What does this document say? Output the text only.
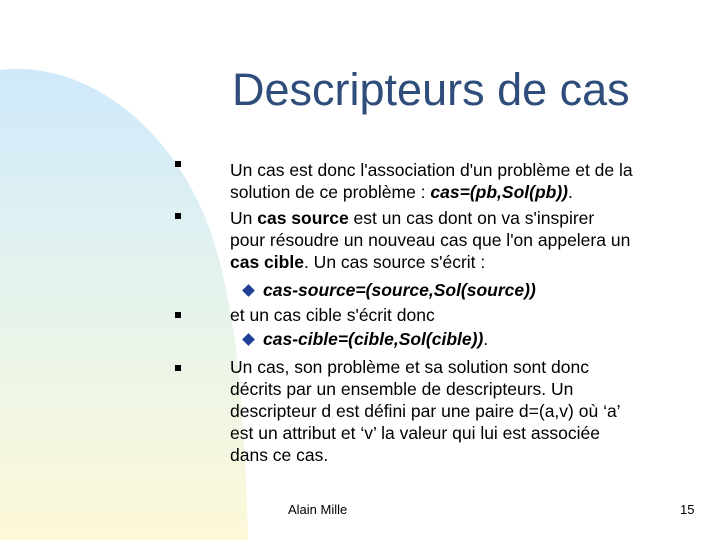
Descripteurs de cas
Un cas est donc l'association d'un problème et de la
solution de ce problème : cas=(pb,Sol(pb)).
Un cas source est un cas dont on va s'inspirer
pour résoudre un nouveau cas que l'on appelera un
cas cible. Un cas source s'écrit :
cas-source=(source,Sol(source))
et un cas cible s'écrit donc
cas-cible=(cible,Sol(cible)).
Un cas, son problème et sa solution sont donc
décrits par un ensemble de descripteurs. Un
descripteur d est défini par une paire d=(a,v) où ‘a’
est un attribut et ‘v’ la valeur qui lui est associée
dans ce cas.
Alain Mille	15
